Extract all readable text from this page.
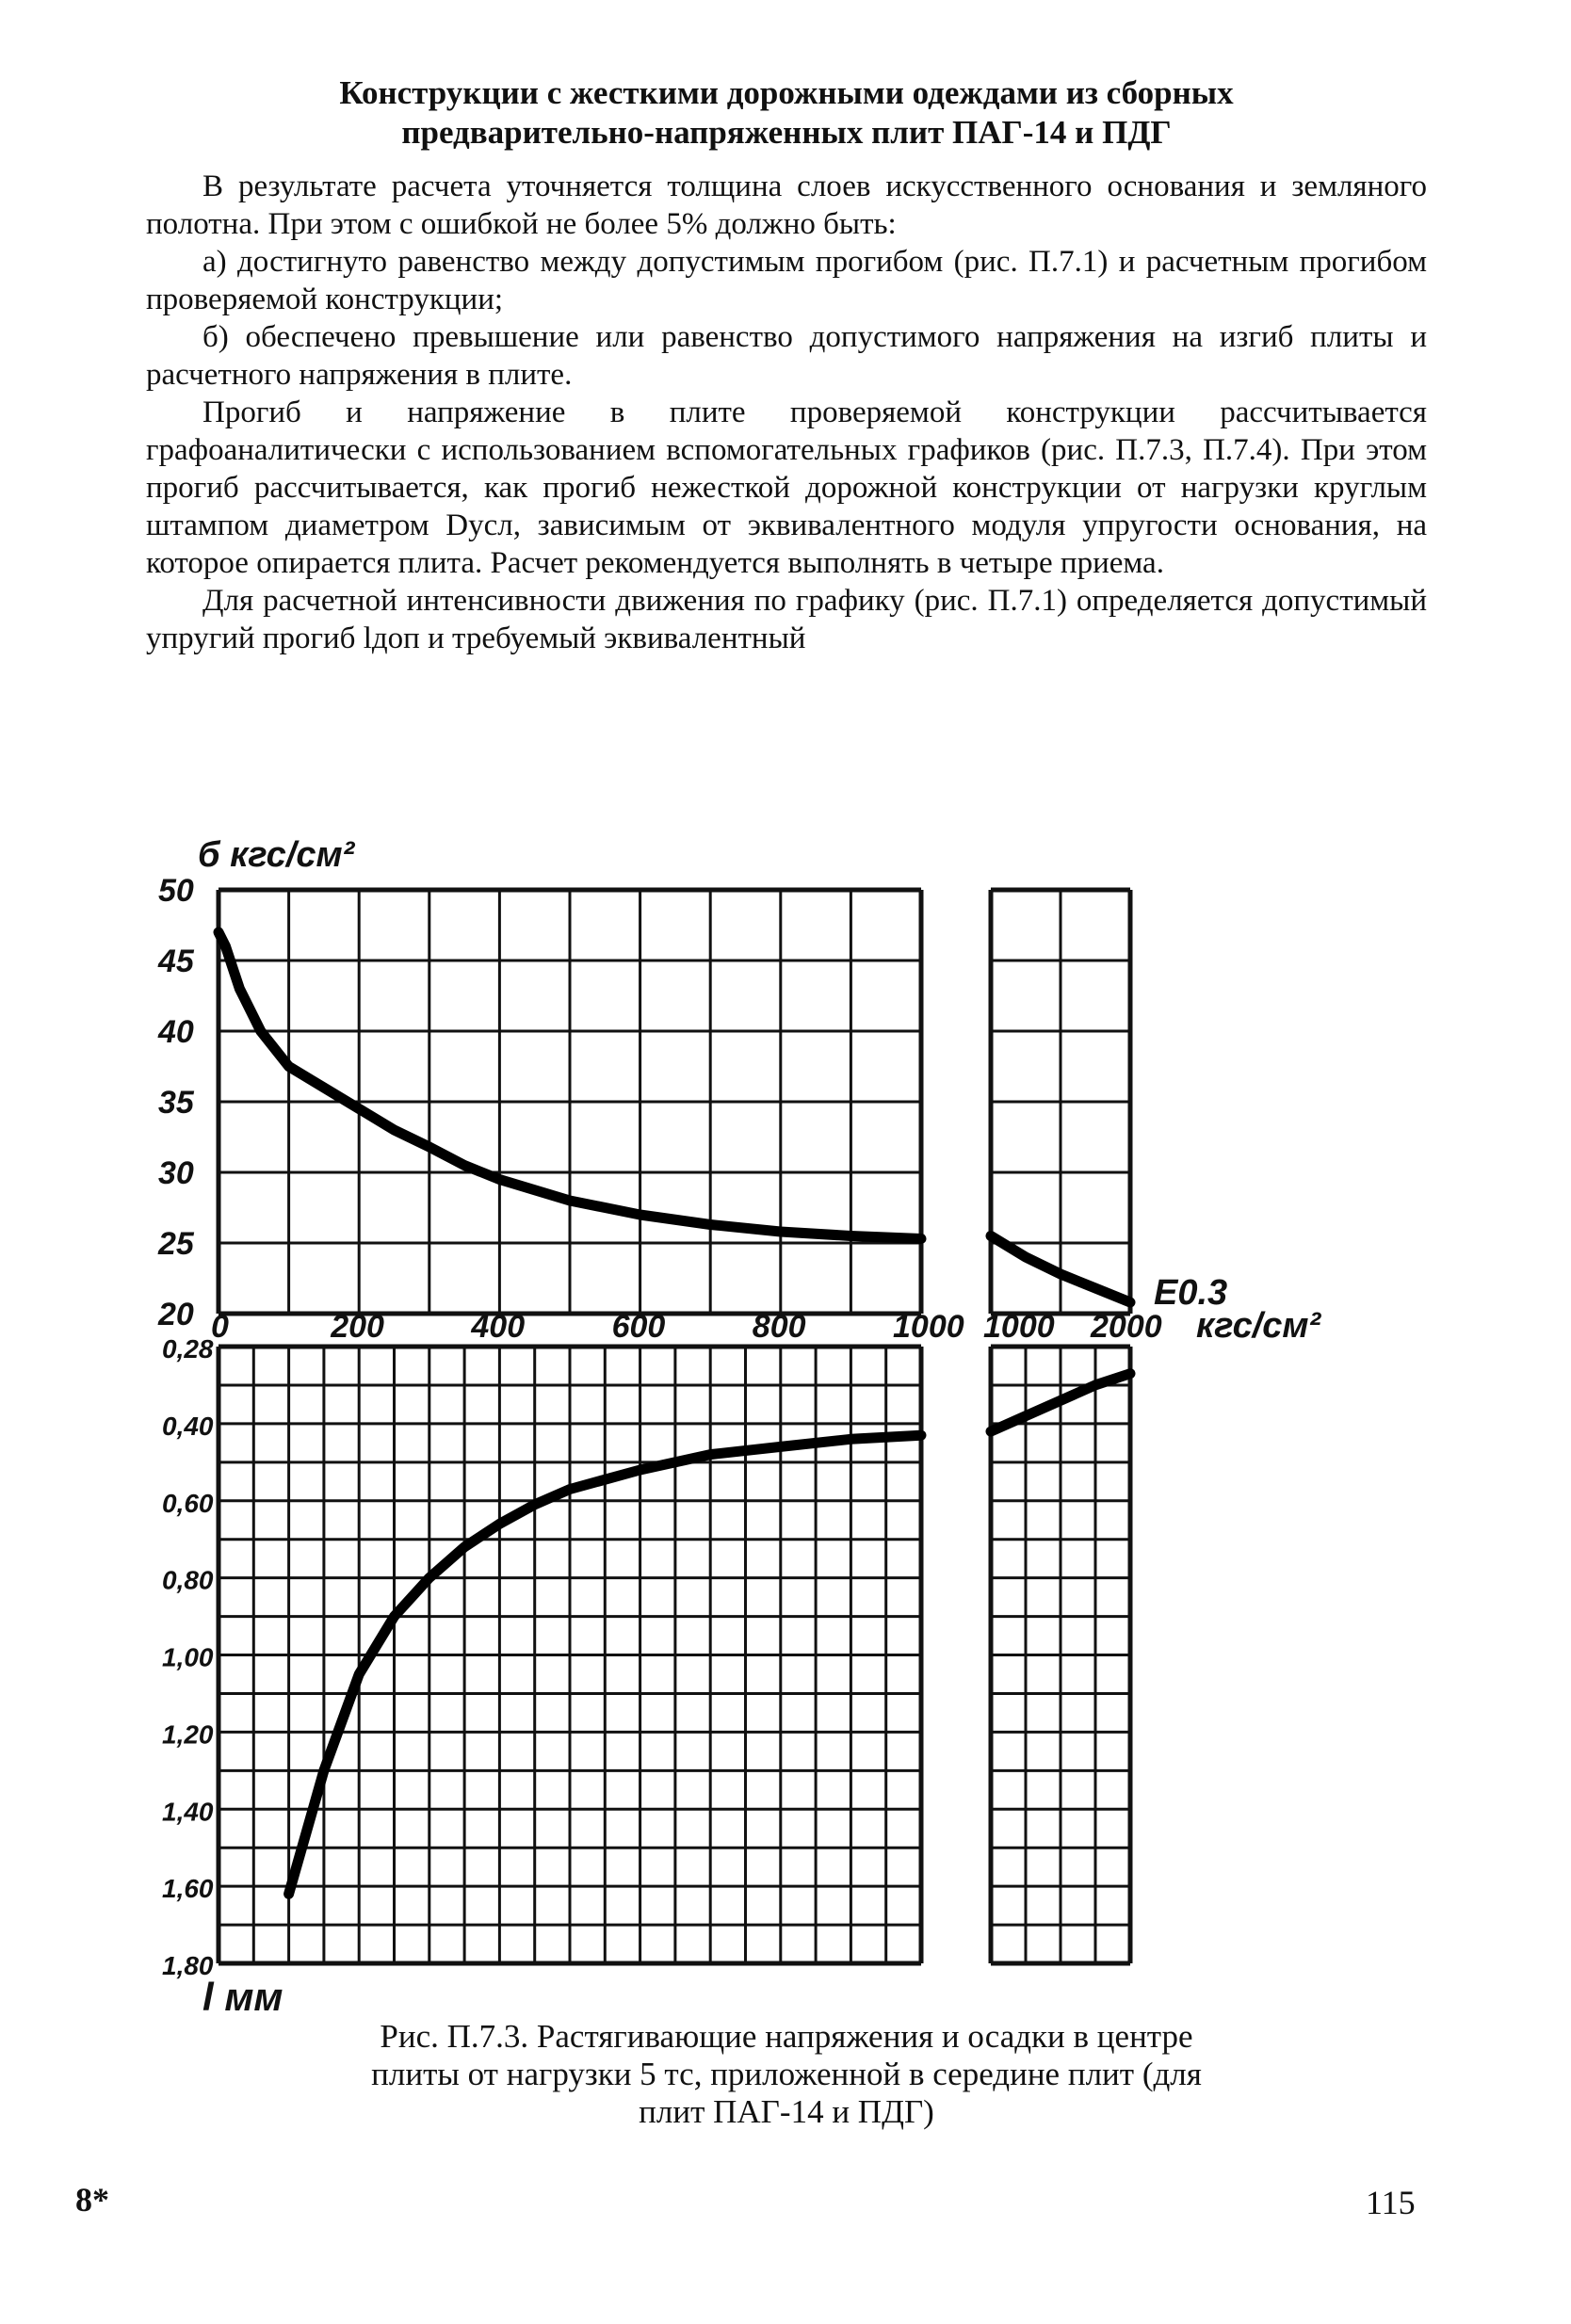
Конструкции с жесткими дорожными одеждами из сборных
предварительно-напряженных плит ПАГ-14 и ПДГ

В результате расчета уточняется толщина слоев искусственного основания и земляного полотна. При этом с ошибкой не более 5% должно быть:

а) достигнуто равенство между допустимым прогибом (рис. П.7.1) и расчетным прогибом проверяемой конструкции;

б) обеспечено превышение или равенство допустимого напряжения на изгиб плиты и расчетного напряжения в плите.

Прогиб и напряжение в плите проверяемой конструкции рассчитывается графоаналитически с использованием вспомогательных графиков (рис. П.7.3, П.7.4). При этом прогиб рассчитывается, как прогиб нежесткой дорожной конструкции от нагрузки круглым штампом диаметром Dусл, зависимым от эквивалентного модуля упругости основания, на которое опирается плита. Расчет рекомендуется выполнять в четыре приема.

Для расчетной интенсивности движения по графику (рис. П.7.1) определяется допустимый упругий прогиб lдоп и требуемый эквивалентный

50
45
40
35
30
25
20
0,28
0,40
0,60
0,80
1,00
1,20
1,40
1,60
1,80
0	200	400	600	800	1000 1000 2000
б кгс/см²
E0.3
кгс/см²
l мм
Рис. П.7.3. Растягивающие напряжения и осадки в центре
плиты от нагрузки 5 тс, приложенной в середине плит (для
плит ПАГ-14 и ПДГ)
8*	115
